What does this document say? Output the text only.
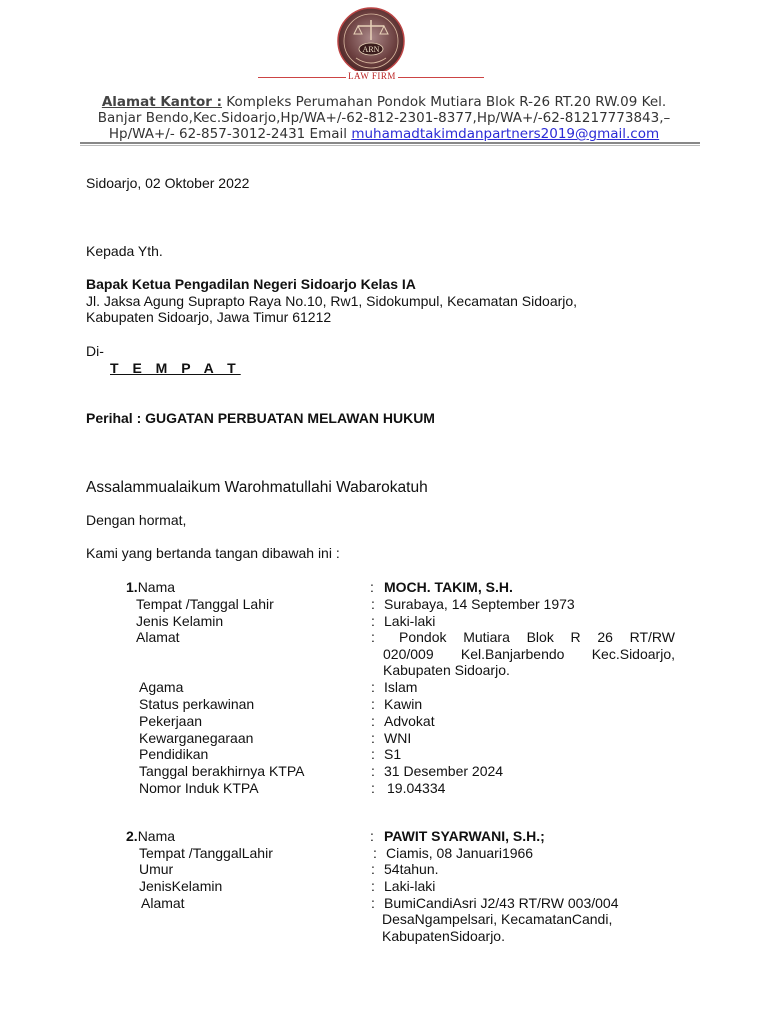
ARN
LAW FIRM
Alamat Kantor : Kompleks Perumahan Pondok Mutiara Blok R-26 RT.20 RW.09 Kel.
Banjar Bendo,Kec.Sidoarjo,Hp/WA+/-62-812-2301-8377,Hp/WA+/-62-81217773843,–
Hp/WA+/- 62-857-3012-2431 Email muhamadtakimdanpartners2019@gmail.com
Sidoarjo, 02 Oktober 2022
Kepada Yth.
Bapak Ketua Pengadilan Negeri Sidoarjo Kelas IA
Jl. Jaksa Agung Suprapto Raya No.10, Rw1, Sidokumpul, Kecamatan Sidoarjo,
Kabupaten Sidoarjo, Jawa Timur 61212
Di-
T E M P A T
Perihal : GUGATAN PERBUATAN MELAWAN HUKUM
Assalammualaikum Warohmatullahi Wabarokatuh
Dengan hormat,
Kami yang bertanda tangan dibawah ini :
1.Nama	: MOCH. TAKIM, S.H.
Tempat /Tanggal Lahir	: Surabaya, 14 September 1973
Jenis Kelamin	: Laki-laki
Alamat	: Pondok Mutiara Blok R 26 RT/RW
020/009 Kel.Banjarbendo Kec.Sidoarjo,
Kabupaten Sidoarjo.
Agama	: Islam
Status perkawinan	: Kawin
Pekerjaan	: Advokat
Kewarganegaraan	: WNI
Pendidikan	: S1
Tanggal berakhirnya KTPA	: 31 Desember 2024
Nomor Induk KTPA	: 19.04334
2.Nama	: PAWIT SYARWANI, S.H.;
Tempat /TanggalLahir	: Ciamis, 08 Januari1966
Umur	: 54tahun.
JenisKelamin	: Laki-laki
Alamat	: BumiCandiAsri J2/43 RT/RW 003/004
DesaNgampelsari, KecamatanCandi,
KabupatenSidoarjo.
